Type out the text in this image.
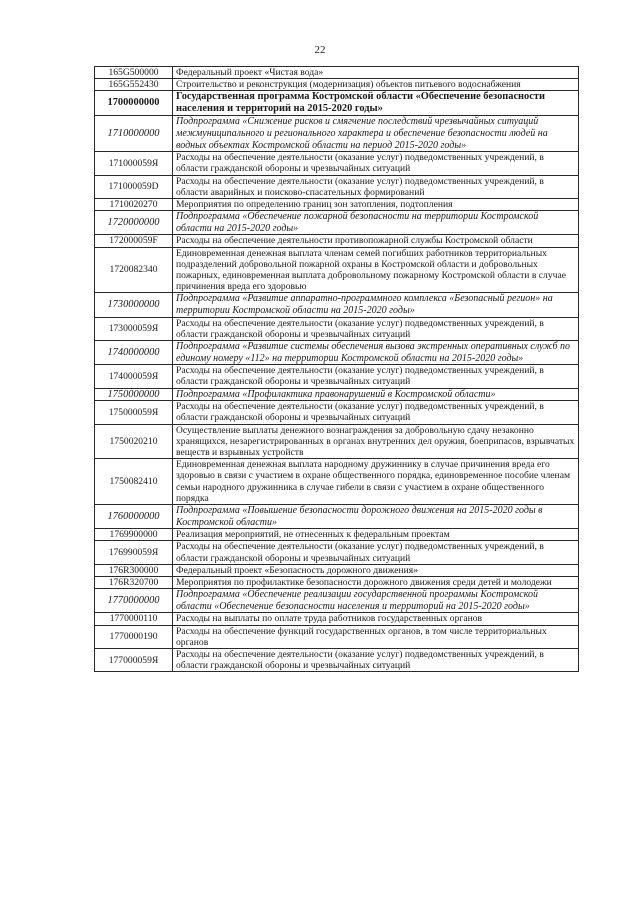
22
165G500000	Федеральный проект «Чистая вода»
165G552430	Строительство и реконструкция (модернизация) объектов питьевого водоснабжения
1700000000	Государственная программа Костромской области «Обеспечение безопасности населения и территорий на 2015-2020 годы»
1710000000	Подпрограмма «Снижение рисков и смягчение последствий чрезвычайных ситуаций межмуниципального и регионального характера и обеспечение безопасности людей на водных объектах Костромской области на период 2015-2020 годы»
171000059Я	Расходы на обеспечение деятельности (оказание услуг) подведомственных учреждений, в области гражданской обороны и чрезвычайных ситуаций
171000059D	Расходы на обеспечение деятельности (оказание услуг) подведомственных учреждений, в области аварийных и поисково-спасательных формирований
1710020270	Мероприятия по определению границ зон затопления, подтопления
1720000000	Подпрограмма «Обеспечение пожарной безопасности на территории Костромской области на 2015-2020 годы»
172000059F	Расходы на обеспечение деятельности противопожарной службы Костромской области
1720082340	Единовременная денежная выплата членам семей погибших работников территориальных подразделений добровольной пожарной охраны в Костромской области и добровольных пожарных, единовременная выплата добровольному пожарному Костромской области в случае причинения вреда его здоровью
1730000000	Подпрограмма «Развитие аппаратно-программного комплекса «Безопасный регион» на территории Костромской области на 2015-2020 годы»
173000059Я	Расходы на обеспечение деятельности (оказание услуг) подведомственных учреждений, в области гражданской обороны и чрезвычайных ситуаций
1740000000	Подпрограмма «Развитие системы обеспечения вызова экстренных оперативных служб по единому номеру «112» на территории Костромской области на 2015-2020 годы»
174000059Я	Расходы на обеспечение деятельности (оказание услуг) подведомственных учреждений, в области гражданской обороны и чрезвычайных ситуаций
1750000000	Подпрограмма «Профилактика правонарушений в Костромской области»
175000059Я	Расходы на обеспечение деятельности (оказание услуг) подведомственных учреждений, в области гражданской обороны и чрезвычайных ситуаций
1750020210	Осуществление выплаты денежного вознаграждения за добровольную сдачу незаконно хранящихся, незарегистрированных в органах внутренних дел оружия, боеприпасов, взрывчатых веществ и взрывных устройств
1750082410	Единовременная денежная выплата народному дружиннику в случае причинения вреда его здоровью в связи с участием в охране общественного порядка, единовременное пособие членам семьи народного дружинника в случае гибели в связи с участием в охране общественного порядка
1760000000	Подпрограмма «Повышение безопасности дорожного движения на 2015-2020 годы в Костромской области»
1769900000	Реализация мероприятий, не отнесенных к федеральным проектам
176990059Я	Расходы на обеспечение деятельности (оказание услуг) подведомственных учреждений, в области гражданской обороны и чрезвычайных ситуаций
176R300000	Федеральный проект «Безопасность дорожного движения»
176R320700	Мероприятия по профилактике безопасности дорожного движения среди детей и молодежи
1770000000	Подпрограмма «Обеспечение реализации государственной программы Костромской области «Обеспечение безопасности населения и территорий на 2015-2020 годы»
1770000110	Расходы на выплаты по оплате труда работников государственных органов
1770000190	Расходы на обеспечение функций государственных органов, в том числе территориальных органов
177000059Я	Расходы на обеспечение деятельности (оказание услуг) подведомственных учреждений, в области гражданской обороны и чрезвычайных ситуаций
